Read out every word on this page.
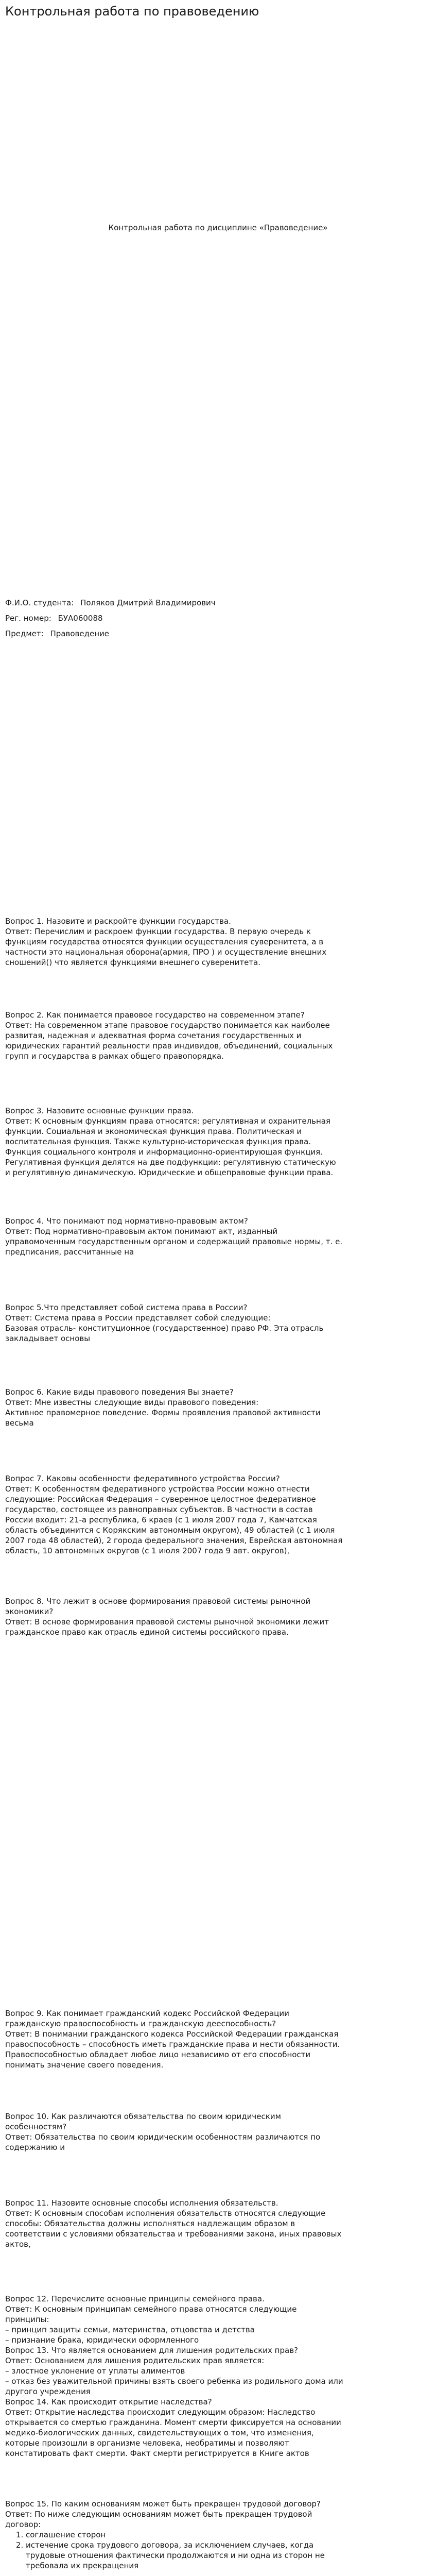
Контрольная работа по правоведению
Контрольная работа по дисциплине «Правоведение»
Ф.И.О. студента: Поляков Дмитрий Владимирович
Рег. номер: БУА060088
Предмет: Правоведение

Вопрос 1. Назовите и раскройте функции государства.

Ответ: Перечислим и раскроем функции государства. В первую очередь к

функциям государства относятся функции осуществления суверенитета, а в

частности это национальная оборона(армия, ПРО ) и осуществление внешних

сношений() что является функциями внешнего суверенитета.

Вопрос 2. Как понимается правовое государство на современном этапе?

Ответ: На современном этапе правовое государство понимается как наиболее

развитая, надежная и адекватная форма сочетания государственных и

юридических гарантий реальности прав индивидов, объединений, социальных

групп и государства в рамках общего правопорядка.

Вопрос 3. Назовите основные функции права.

Ответ: К основным функциям права относятся: регулятивная и охранительная

функции. Социальная и экономическая функция права. Политическая и

воспитательная функция. Также культурно-историческая функция права.

Функция социального контроля и информационно-ориентирующая функция.

Регулятивная функция делятся на две подфункции: регулятивную статическую

и регулятивную динамическую. Юридические и общеправовые функции права.

Вопрос 4. Что понимают под нормативно-правовым актом?

Ответ: Под нормативно-правовым актом понимают акт, изданный

управомоченным государственным органом и содержащий правовые нормы, т. е.

предписания, рассчитанные на

Вопрос 5.Что представляет собой система права в России?

Ответ: Система права в России представляет собой следующие:

Базовая отрасль- конституционное (государственное) право РФ. Эта отрасль

закладывает основы

Вопрос 6. Какие виды правового поведения Вы знаете?

Ответ: Мне известны следующие виды правового поведения:

Активное правомерное поведение. Формы проявления правовой активности

весьма

Вопрос 7. Каковы особенности федеративного устройства России?

Ответ: К особенностям федеративного устройства России можно отнести

следующие: Российская Федерация – суверенное целостное федеративное

государство, состоящее из равноправных субъектов. В частности в состав

России входит: 21-а республика, 6 краев (с 1 июля 2007 года 7, Камчатская

область объединится с Корякским автономным округом), 49 областей (с 1 июля

2007 года 48 областей), 2 города федерального значения, Еврейская автономная

область, 10 автономных округов (с 1 июля 2007 года 9 авт. округов),

Вопрос 8. Что лежит в основе формирования правовой системы рыночной

экономики?

Ответ: В основе формирования правовой системы рыночной экономики лежит

гражданское право как отрасль единой системы российского права.

Вопрос 9. Как понимает гражданский кодекс Российской Федерации

гражданскую правоспособность и гражданскую дееспособность?

Ответ: В понимании гражданского кодекса Российской Федерации гражданская

правоспособность – способность иметь гражданские права и нести обязанности.

Правоспособностью обладает любое лицо независимо от его способности

понимать значение своего поведения.

Вопрос 10. Как различаются обязательства по своим юридическим

особенностям?

Ответ: Обязательства по своим юридическим особенностям различаются по

содержанию и

Вопрос 11. Назовите основные способы исполнения обязательств.

Ответ: К основным способам исполнения обязательств относятся следующие

способы: Обязательства должны исполняться надлежащим образом в

соответствии с условиями обязательства и требованиями закона, иных правовых

актов,

Вопрос 12. Перечислите основные принципы семейного права.

Ответ: К основным принципам семейного права относятся следующие

принципы:

– принцип защиты семьи, материнства, отцовства и детства

– признание брака, юридически оформленного

Вопрос 13. Что является основанием для лишения родительских прав?

Ответ: Основанием для лишения родительских прав является:

– злостное уклонение от уплаты алиментов

– отказ без уважительной причины взять своего ребенка из родильного дома или

другого учреждения

Вопрос 14. Как происходит открытие наследства?

Ответ: Открытие наследства происходит следующим образом: Наследство

открывается со смертью гражданина. Момент смерти фиксируется на основании

медико-биологических данных, свидетельствующих о том, что изменения,

которые произошли в организме человека, необратимы и позволяют

констатировать факт смерти. Факт смерти регистрируется в Книге актов

Вопрос 15. По каким основаниям может быть прекращен трудовой договор?

Ответ: По ниже следующим основаниям может быть прекращен трудовой

договор:

1. соглашение сторон
2. истечение срока трудового договора, за исключением случаев, когда
трудовые отношения фактически продолжаются и ни одна из сторон не
требовала их прекращения
